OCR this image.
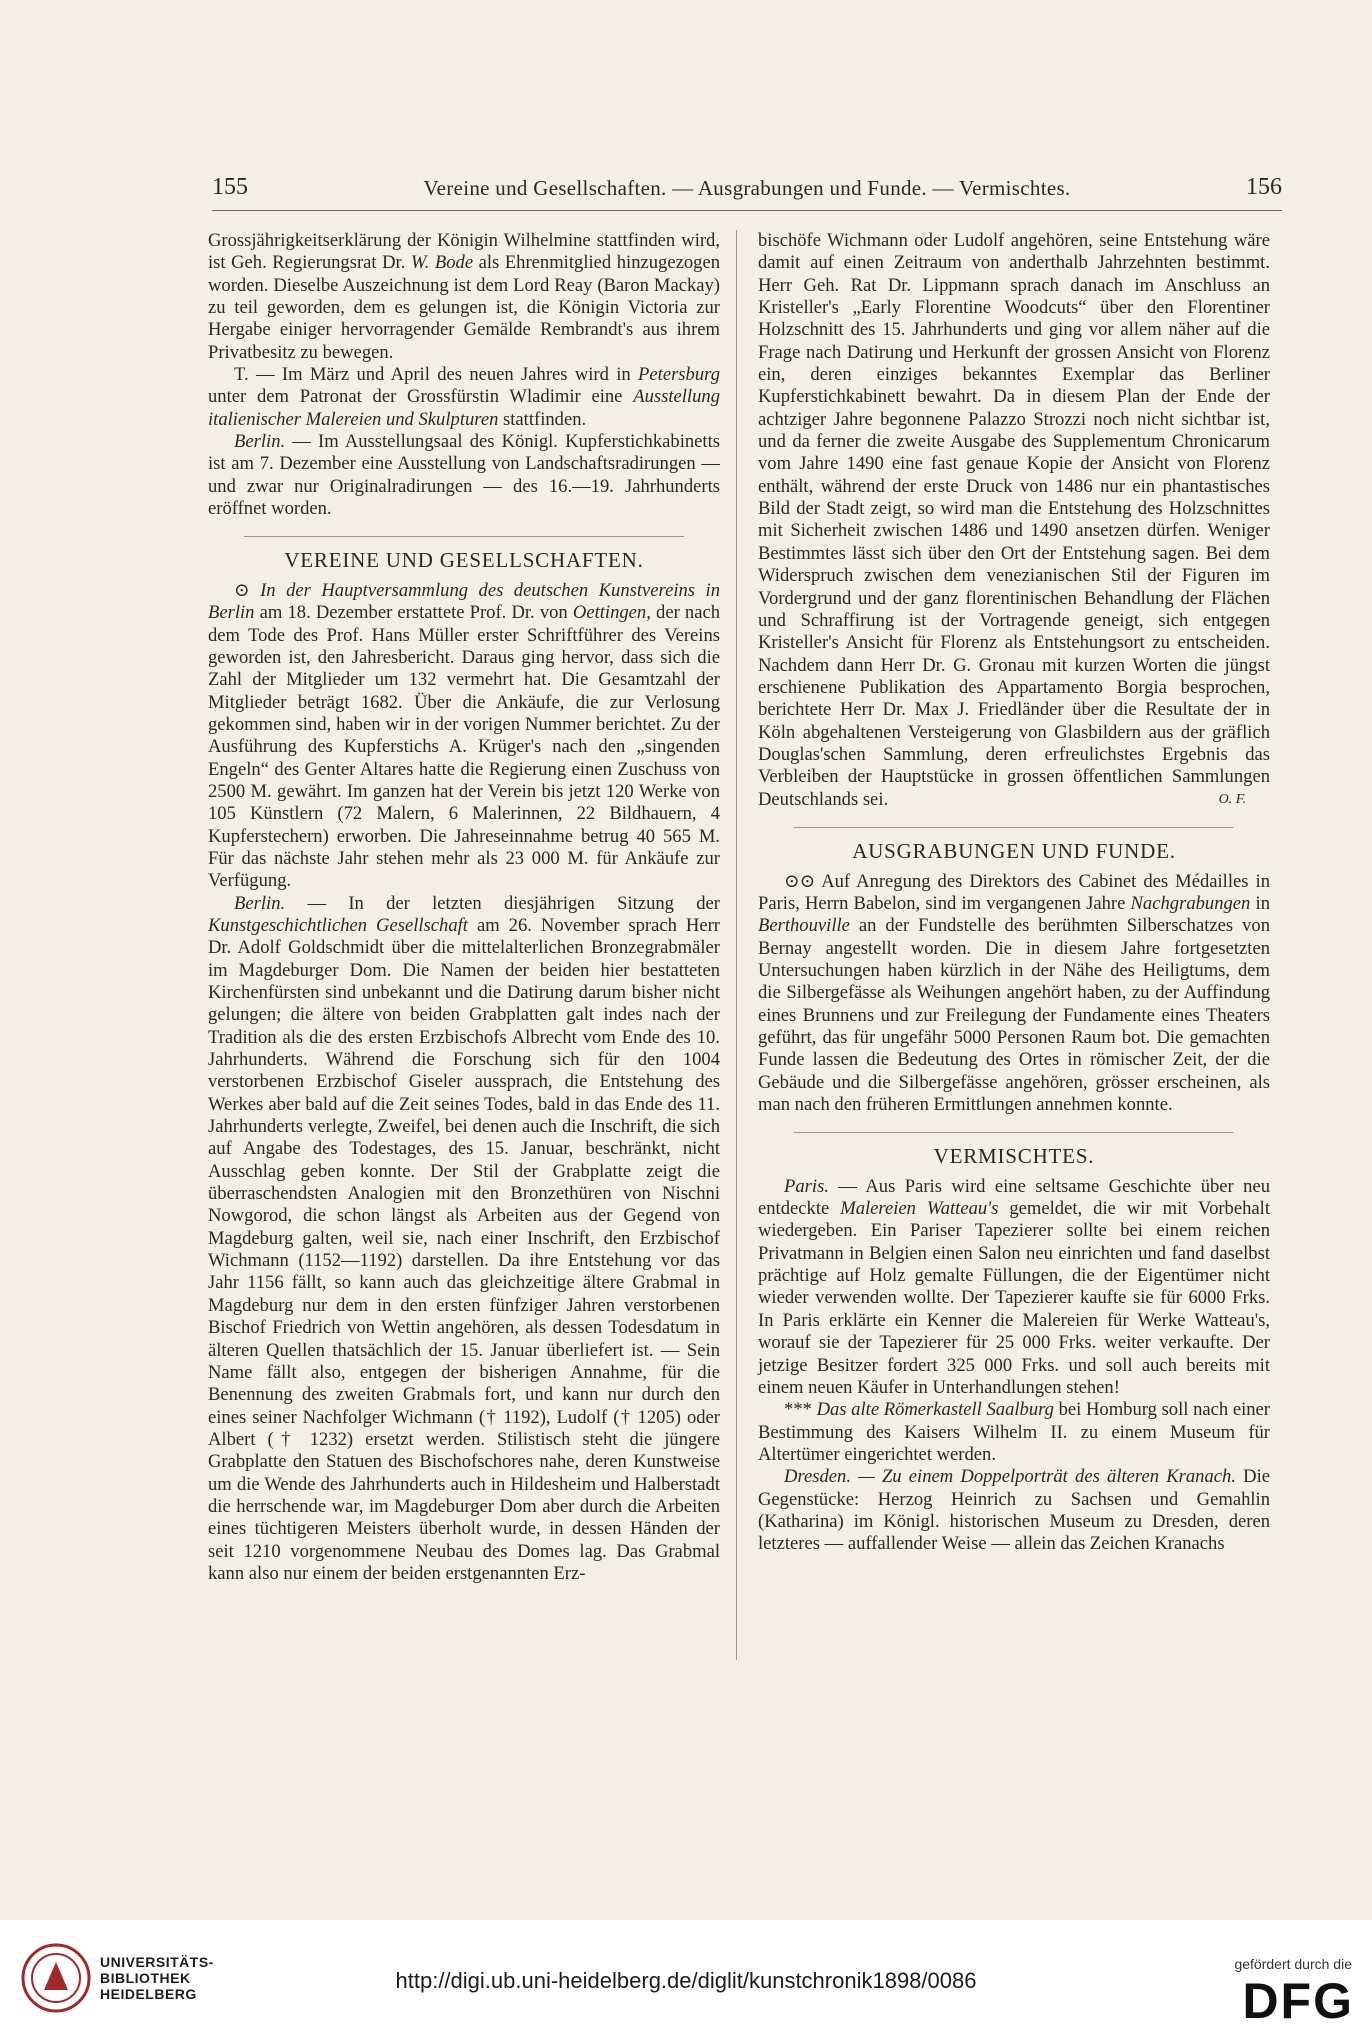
155	Vereine und Gesellschaften. — Ausgrabungen und Funde. — Vermischtes.	156

Grossjährigkeitserklärung der Königin Wilhelmine stattfinden wird, ist Geh. Regierungsrat Dr. W. Bode als Ehrenmitglied hinzugezogen worden. Dieselbe Auszeichnung ist dem Lord Reay (Baron Mackay) zu teil geworden, dem es gelungen ist, die Königin Victoria zur Hergabe einiger hervorragender Gemälde Rembrandt's aus ihrem Privatbesitz zu bewegen.

T. — Im März und April des neuen Jahres wird in Petersburg unter dem Patronat der Grossfürstin Wladimir eine Ausstellung italienischer Malereien und Skulpturen stattfinden.

Berlin. — Im Ausstellungsaal des Königl. Kupferstichkabinetts ist am 7. Dezember eine Ausstellung von Landschaftsradirungen — und zwar nur Originalradirungen — des 16.—19. Jahrhunderts eröffnet worden.

VEREINE UND GESELLSCHAFTEN.

⊙ In der Hauptversammlung des deutschen Kunstvereins in Berlin am 18. Dezember erstattete Prof. Dr. von Oettingen, der nach dem Tode des Prof. Hans Müller erster Schriftführer des Vereins geworden ist, den Jahresbericht. Daraus ging hervor, dass sich die Zahl der Mitglieder um 132 vermehrt hat. Die Gesamtzahl der Mitglieder beträgt 1682. Über die Ankäufe, die zur Verlosung gekommen sind, haben wir in der vorigen Nummer berichtet. Zu der Ausführung des Kupferstichs A. Krüger's nach den „singenden Engeln“ des Genter Altares hatte die Regierung einen Zuschuss von 2500 M. gewährt. Im ganzen hat der Verein bis jetzt 120 Werke von 105 Künstlern (72 Malern, 6 Malerinnen, 22 Bildhauern, 4 Kupferstechern) erworben. Die Jahreseinnahme betrug 40 565 M. Für das nächste Jahr stehen mehr als 23 000 M. für Ankäufe zur Verfügung.

Berlin. — In der letzten diesjährigen Sitzung der Kunstgeschichtlichen Gesellschaft am 26. November sprach Herr Dr. Adolf Goldschmidt über die mittelalterlichen Bronzegrabmäler im Magdeburger Dom. Die Namen der beiden hier bestatteten Kirchenfürsten sind unbekannt und die Datirung darum bisher nicht gelungen; die ältere von beiden Grabplatten galt indes nach der Tradition als die des ersten Erzbischofs Albrecht vom Ende des 10. Jahrhunderts. Während die Forschung sich für den 1004 verstorbenen Erzbischof Giseler aussprach, die Entstehung des Werkes aber bald auf die Zeit seines Todes, bald in das Ende des 11. Jahrhunderts verlegte, Zweifel, bei denen auch die Inschrift, die sich auf Angabe des Todestages, des 15. Januar, beschränkt, nicht Ausschlag geben konnte. Der Stil der Grabplatte zeigt die überraschendsten Analogien mit den Bronzethüren von Nischni Nowgorod, die schon längst als Arbeiten aus der Gegend von Magdeburg galten, weil sie, nach einer Inschrift, den Erzbischof Wichmann (1152—1192) darstellen. Da ihre Entstehung vor das Jahr 1156 fällt, so kann auch das gleichzeitige ältere Grabmal in Magdeburg nur dem in den ersten fünfziger Jahren verstorbenen Bischof Friedrich von Wettin angehören, als dessen Todesdatum in älteren Quellen thatsächlich der 15. Januar überliefert ist. — Sein Name fällt also, entgegen der bisherigen Annahme, für die Benennung des zweiten Grabmals fort, und kann nur durch den eines seiner Nachfolger Wichmann († 1192), Ludolf († 1205) oder Albert († 1232) ersetzt werden. Stilistisch steht die jüngere Grabplatte den Statuen des Bischofschores nahe, deren Kunstweise um die Wende des Jahrhunderts auch in Hildesheim und Halberstadt die herrschende war, im Magdeburger Dom aber durch die Arbeiten eines tüchtigeren Meisters überholt wurde, in dessen Händen der seit 1210 vorgenommene Neubau des Domes lag. Das Grabmal kann also nur einem der beiden erstgenannten Erz-

bischöfe Wichmann oder Ludolf angehören, seine Entstehung wäre damit auf einen Zeitraum von anderthalb Jahrzehnten bestimmt. Herr Geh. Rat Dr. Lippmann sprach danach im Anschluss an Kristeller's „Early Florentine Woodcuts“ über den Florentiner Holzschnitt des 15. Jahrhunderts und ging vor allem näher auf die Frage nach Datirung und Herkunft der grossen Ansicht von Florenz ein, deren einziges bekanntes Exemplar das Berliner Kupferstichkabinett bewahrt. Da in diesem Plan der Ende der achtziger Jahre begonnene Palazzo Strozzi noch nicht sichtbar ist, und da ferner die zweite Ausgabe des Supplementum Chronicarum vom Jahre 1490 eine fast genaue Kopie der Ansicht von Florenz enthält, während der erste Druck von 1486 nur ein phantastisches Bild der Stadt zeigt, so wird man die Entstehung des Holzschnittes mit Sicherheit zwischen 1486 und 1490 ansetzen dürfen. Weniger Bestimmtes lässt sich über den Ort der Entstehung sagen. Bei dem Widerspruch zwischen dem venezianischen Stil der Figuren im Vordergrund und der ganz florentinischen Behandlung der Flächen und Schraffirung ist der Vortragende geneigt, sich entgegen Kristeller's Ansicht für Florenz als Entstehungsort zu entscheiden. Nachdem dann Herr Dr. G. Gronau mit kurzen Worten die jüngst erschienene Publikation des Appartamento Borgia besprochen, berichtete Herr Dr. Max J. Friedländer über die Resultate der in Köln abgehaltenen Versteigerung von Glasbildern aus der gräflich Douglas'schen Sammlung, deren erfreulichstes Ergebnis das Verbleiben der Hauptstücke in grossen öffentlichen Sammlungen Deutschlands sei.	O. F.
AUSGRABUNGEN UND FUNDE.

⊙⊙ Auf Anregung des Direktors des Cabinet des Médailles in Paris, Herrn Babelon, sind im vergangenen Jahre Nachgrabungen in Berthouville an der Fundstelle des berühmten Silberschatzes von Bernay angestellt worden. Die in diesem Jahre fortgesetzten Untersuchungen haben kürzlich in der Nähe des Heiligtums, dem die Silbergefässe als Weihungen angehört haben, zu der Auffindung eines Brunnens und zur Freilegung der Fundamente eines Theaters geführt, das für ungefähr 5000 Personen Raum bot. Die gemachten Funde lassen die Bedeutung des Ortes in römischer Zeit, der die Gebäude und die Silbergefässe angehören, grösser erscheinen, als man nach den früheren Ermittlungen annehmen konnte.

VERMISCHTES.

Paris. — Aus Paris wird eine seltsame Geschichte über neu entdeckte Malereien Watteau's gemeldet, die wir mit Vorbehalt wiedergeben. Ein Pariser Tapezierer sollte bei einem reichen Privatmann in Belgien einen Salon neu einrichten und fand daselbst prächtige auf Holz gemalte Füllungen, die der Eigentümer nicht wieder verwenden wollte. Der Tapezierer kaufte sie für 6000 Frks. In Paris erklärte ein Kenner die Malereien für Werke Watteau's, worauf sie der Tapezierer für 25 000 Frks. weiter verkaufte. Der jetzige Besitzer fordert 325 000 Frks. und soll auch bereits mit einem neuen Käufer in Unterhandlungen stehen!

*** Das alte Römerkastell Saalburg bei Homburg soll nach einer Bestimmung des Kaisers Wilhelm II. zu einem Museum für Altertümer eingerichtet werden.

Dresden. — Zu einem Doppelporträt des älteren Kranach. Die Gegenstücke: Herzog Heinrich zu Sachsen und Gemahlin (Katharina) im Königl. historischen Museum zu Dresden, deren letzteres — auffallender Weise — allein das Zeichen Kranachs

UNIVERSITÄTS-
BIBLIOTHEK
HEIDELBERG
http://digi.ub.uni-heidelberg.de/diglit/kunstchronik1898/0086
gefördert durch die
DFG
